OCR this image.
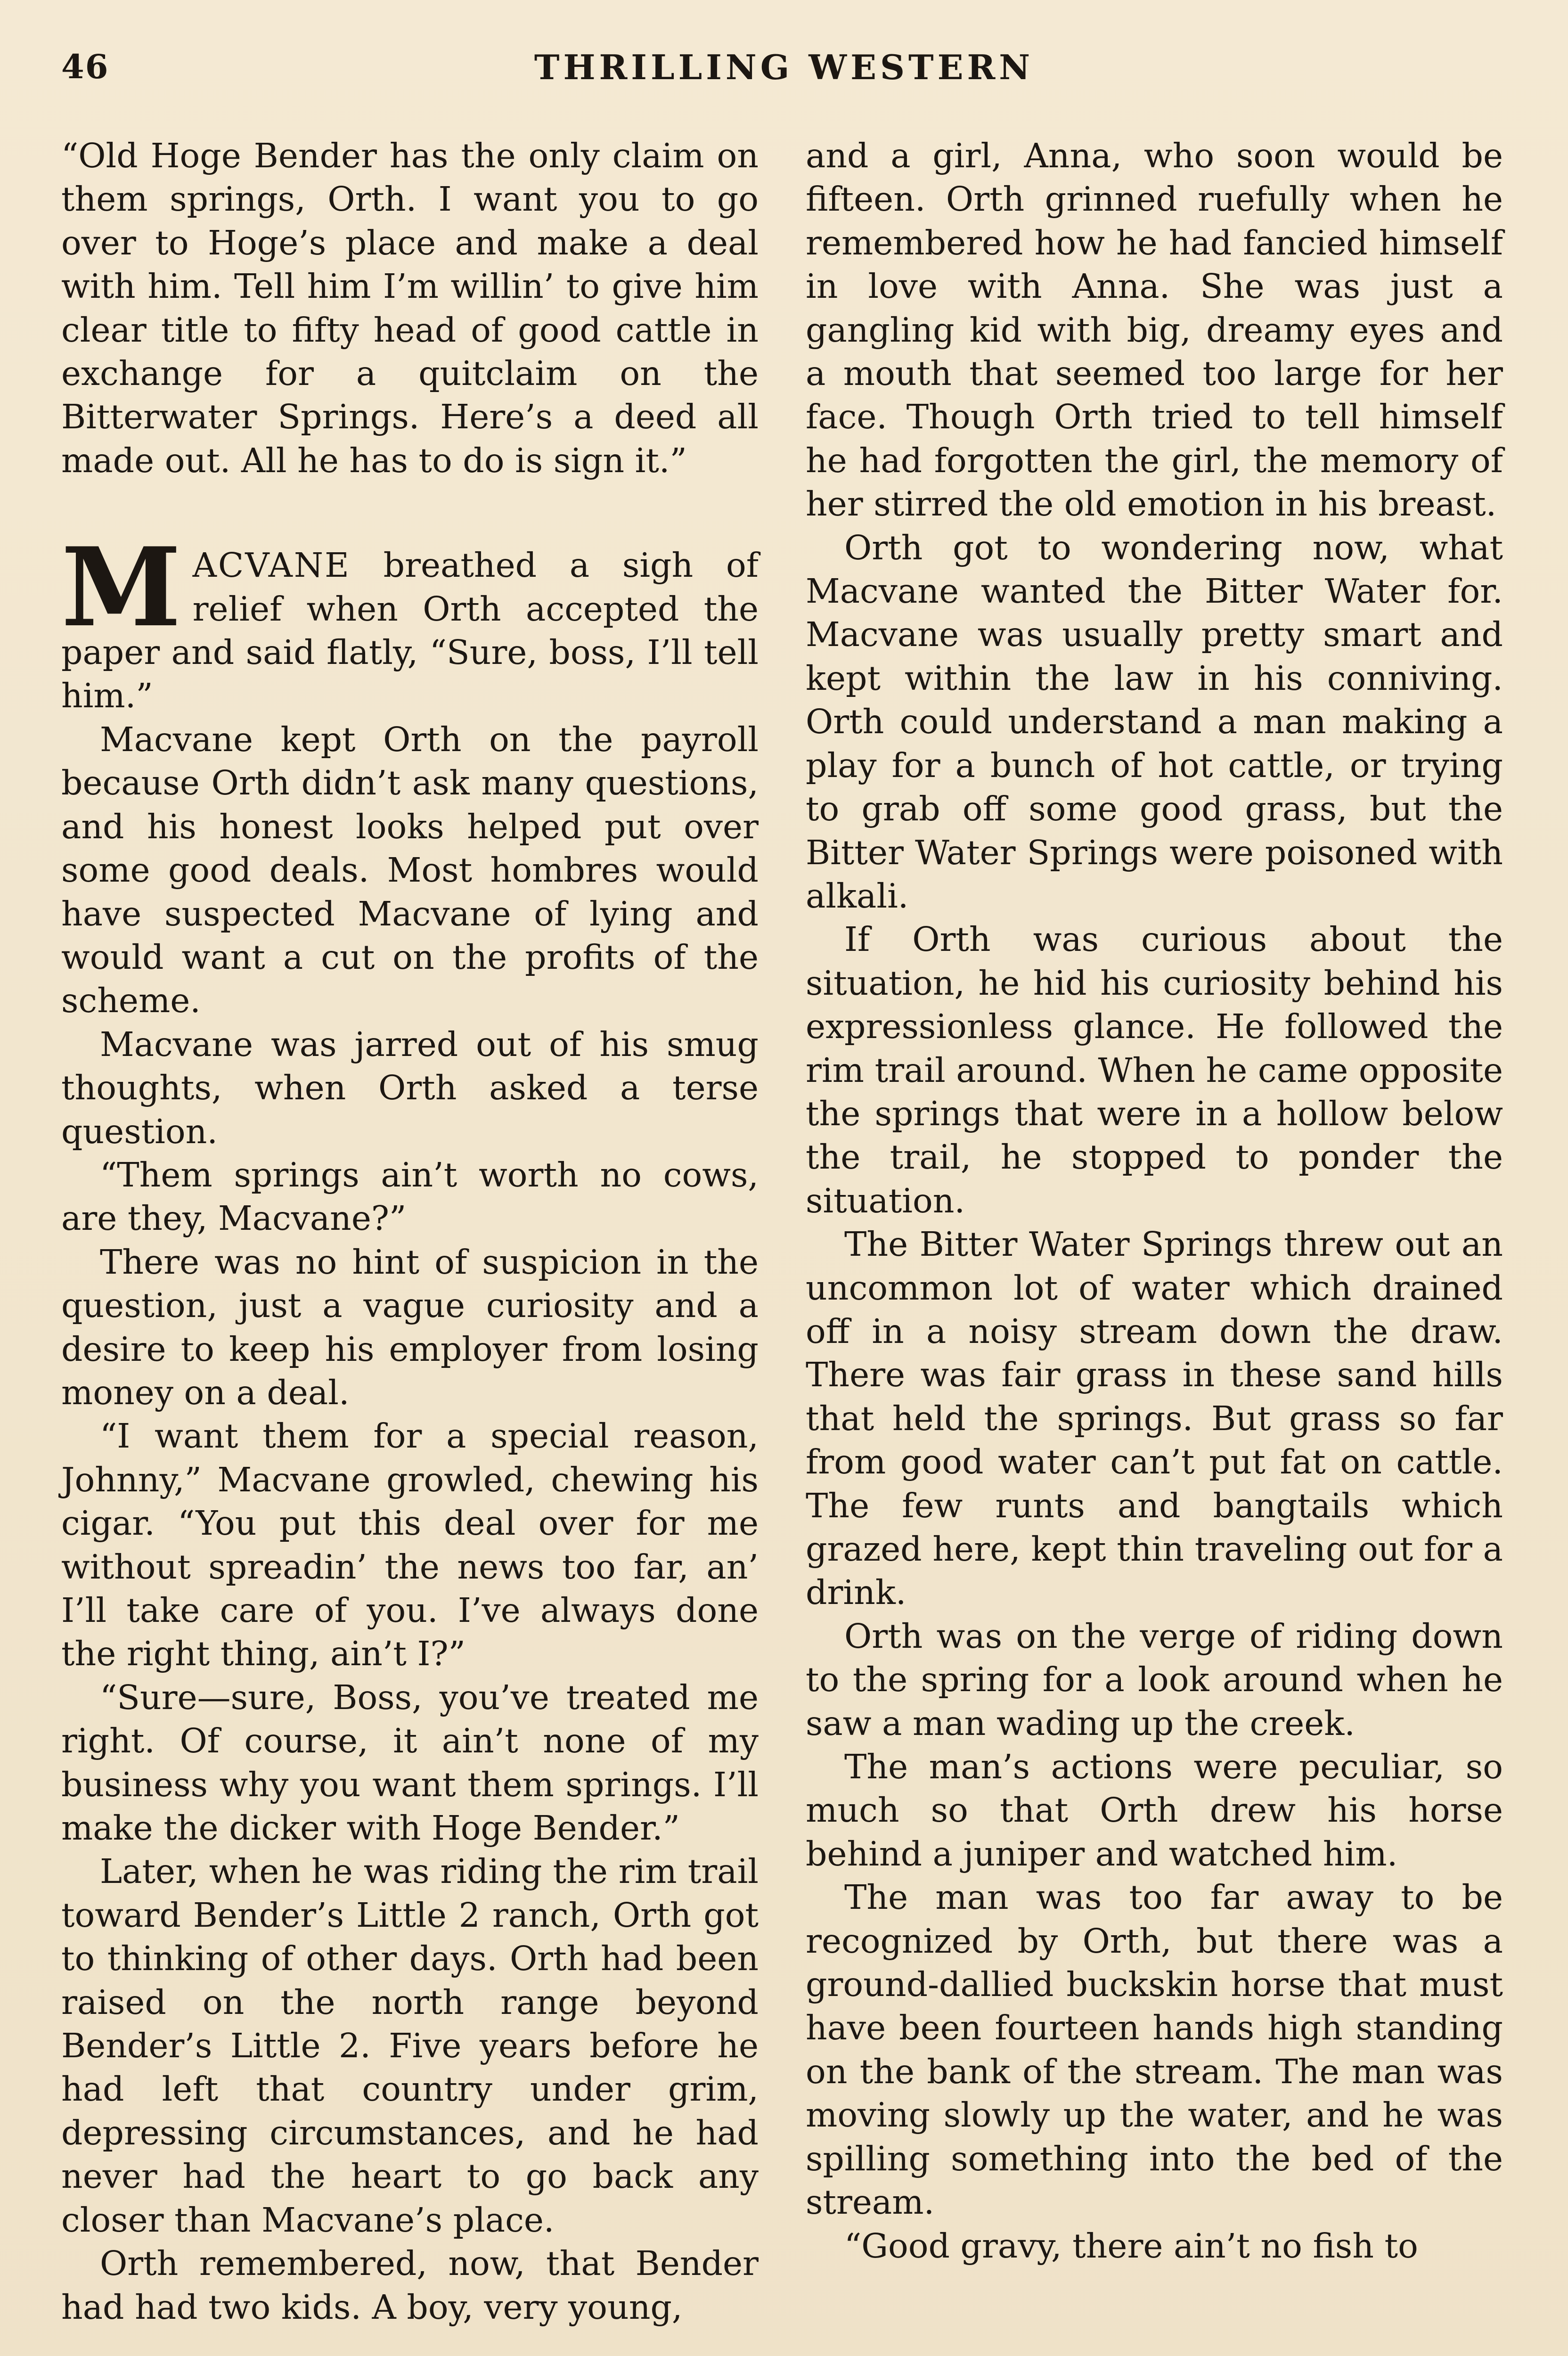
46	THRILLING WESTERN

“Old Hoge Bender has the only claim on them springs, Orth. I want you to go over to Hoge’s place and make a deal with him. Tell him I’m willin’ to give him clear title to fifty head of good cattle in exchange for a quitclaim on the Bitterwater Springs. Here’s a deed all made out. All he has to do is sign it.”

MACVANE breathed a sigh of relief when Orth accepted the paper and said flatly, “Sure, boss, I’ll tell him.”

Macvane kept Orth on the payroll because Orth didn’t ask many questions, and his honest looks helped put over some good deals. Most hombres would have suspected Macvane of lying and would want a cut on the profits of the scheme.

Macvane was jarred out of his smug thoughts, when Orth asked a terse question.

“Them springs ain’t worth no cows, are they, Macvane?”

There was no hint of suspicion in the question, just a vague curiosity and a desire to keep his employer from losing money on a deal.

“I want them for a special reason, Johnny,” Macvane growled, chewing his cigar. “You put this deal over for me without spreadin’ the news too far, an’ I’ll take care of you. I’ve always done the right thing, ain’t I?”

“Sure—sure, Boss, you’ve treated me right. Of course, it ain’t none of my business why you want them springs. I’ll make the dicker with Hoge Bender.”

Later, when he was riding the rim trail toward Bender’s Little 2 ranch, Orth got to thinking of other days. Orth had been raised on the north range beyond Bender’s Little 2. Five years before he had left that country under grim, depressing circumstances, and he had never had the heart to go back any closer than Macvane’s place.

Orth remembered, now, that Bender had had two kids. A boy, very young,

and a girl, Anna, who soon would be fifteen. Orth grinned ruefully when he remembered how he had fancied himself in love with Anna. She was just a gangling kid with big, dreamy eyes and a mouth that seemed too large for her face. Though Orth tried to tell himself he had forgotten the girl, the memory of her stirred the old emotion in his breast.

Orth got to wondering now, what Macvane wanted the Bitter Water for. Macvane was usually pretty smart and kept within the law in his conniving. Orth could understand a man making a play for a bunch of hot cattle, or trying to grab off some good grass, but the Bitter Water Springs were poisoned with alkali.

If Orth was curious about the situation, he hid his curiosity behind his expressionless glance. He followed the rim trail around. When he came opposite the springs that were in a hollow below the trail, he stopped to ponder the situation.

The Bitter Water Springs threw out an uncommon lot of water which drained off in a noisy stream down the draw. There was fair grass in these sand hills that held the springs. But grass so far from good water can’t put fat on cattle. The few runts and bangtails which grazed here, kept thin traveling out for a drink.

Orth was on the verge of riding down to the spring for a look around when he saw a man wading up the creek.

The man’s actions were peculiar, so much so that Orth drew his horse behind a juniper and watched him.

The man was too far away to be recognized by Orth, but there was a ground-dallied buckskin horse that must have been fourteen hands high standing on the bank of the stream. The man was moving slowly up the water, and he was spilling something into the bed of the stream.

“Good gravy, there ain’t no fish to
